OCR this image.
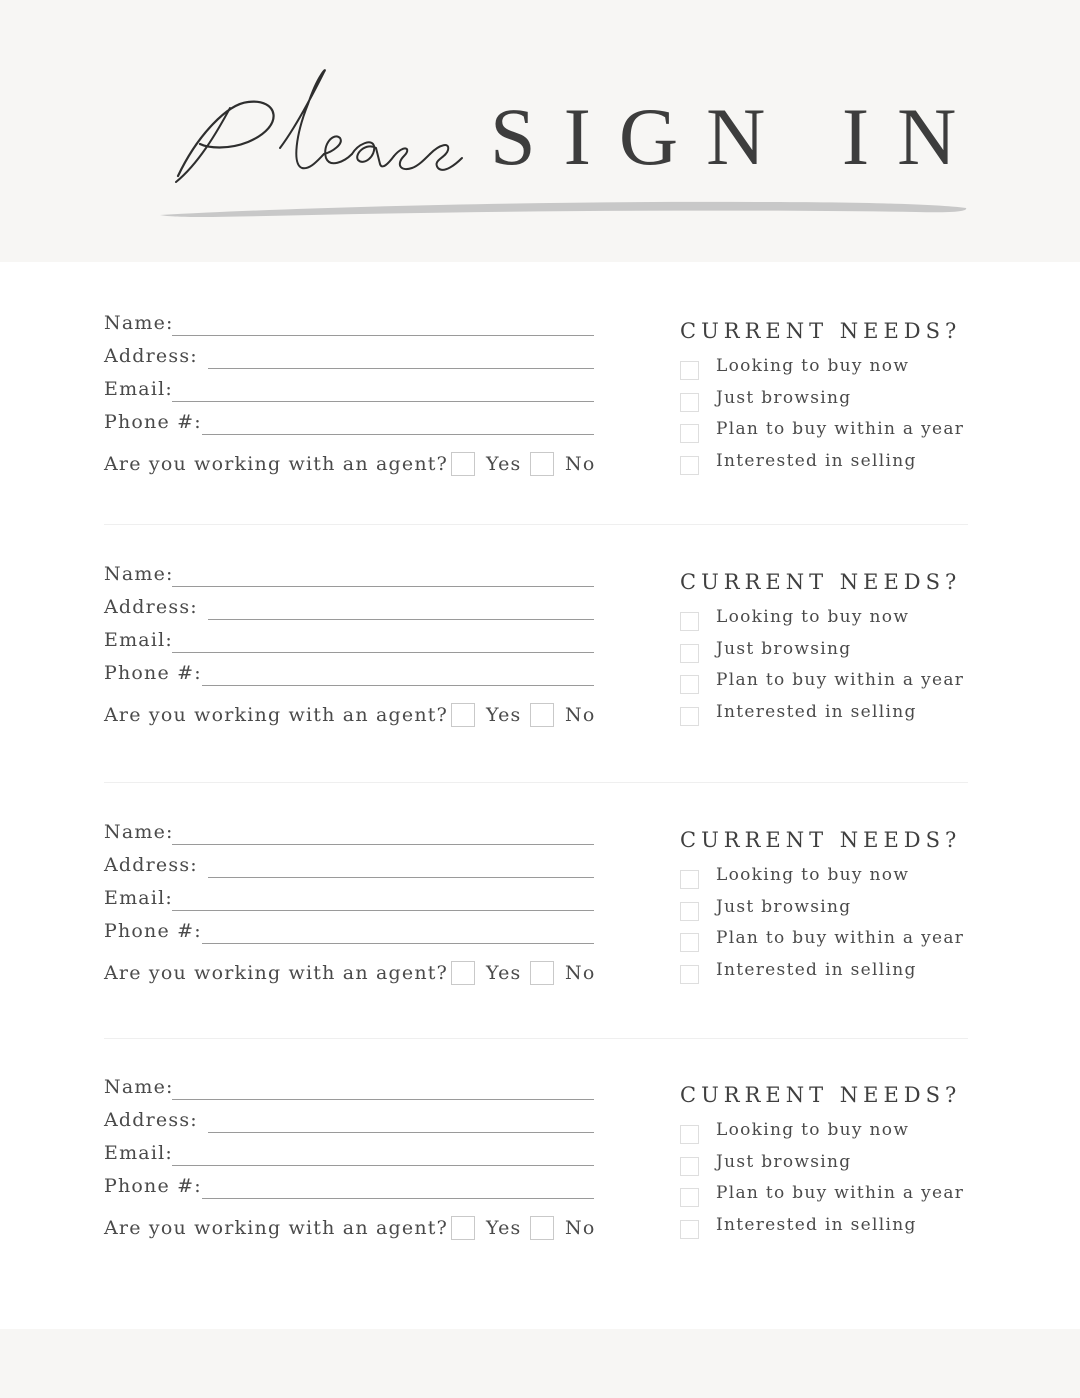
SIGN IN
Name:
Address:
Email:
Phone #:
Are you working with an agent? Yes No
CURRENT NEEDS?
Looking to buy now
Just browsing
Plan to buy within a year
Interested in selling
Name:
Address:
Email:
Phone #:
Are you working with an agent? Yes No
CURRENT NEEDS?
Looking to buy now
Just browsing
Plan to buy within a year
Interested in selling
Name:
Address:
Email:
Phone #:
Are you working with an agent? Yes No
CURRENT NEEDS?
Looking to buy now
Just browsing
Plan to buy within a year
Interested in selling
Name:
Address:
Email:
Phone #:
Are you working with an agent? Yes No
CURRENT NEEDS?
Looking to buy now
Just browsing
Plan to buy within a year
Interested in selling
